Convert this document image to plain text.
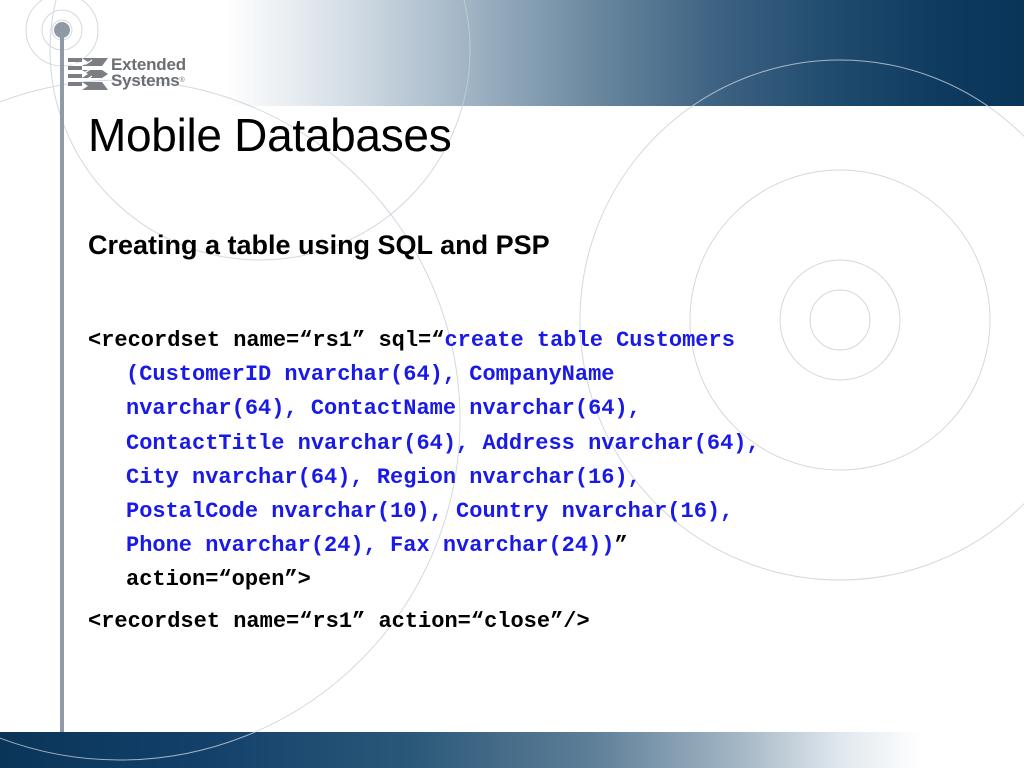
Extended
Systems®
Mobile Databases
Creating a table using SQL and PSP
<recordset name=“rs1” sql=“create table Customers
(CustomerID nvarchar(64), CompanyName
nvarchar(64), ContactName nvarchar(64),
ContactTitle nvarchar(64), Address nvarchar(64),
City nvarchar(64), Region nvarchar(16),
PostalCode nvarchar(10), Country nvarchar(16),
Phone nvarchar(24), Fax nvarchar(24))”
action=“open”>
<recordset name=“rs1” action=“close”/>
